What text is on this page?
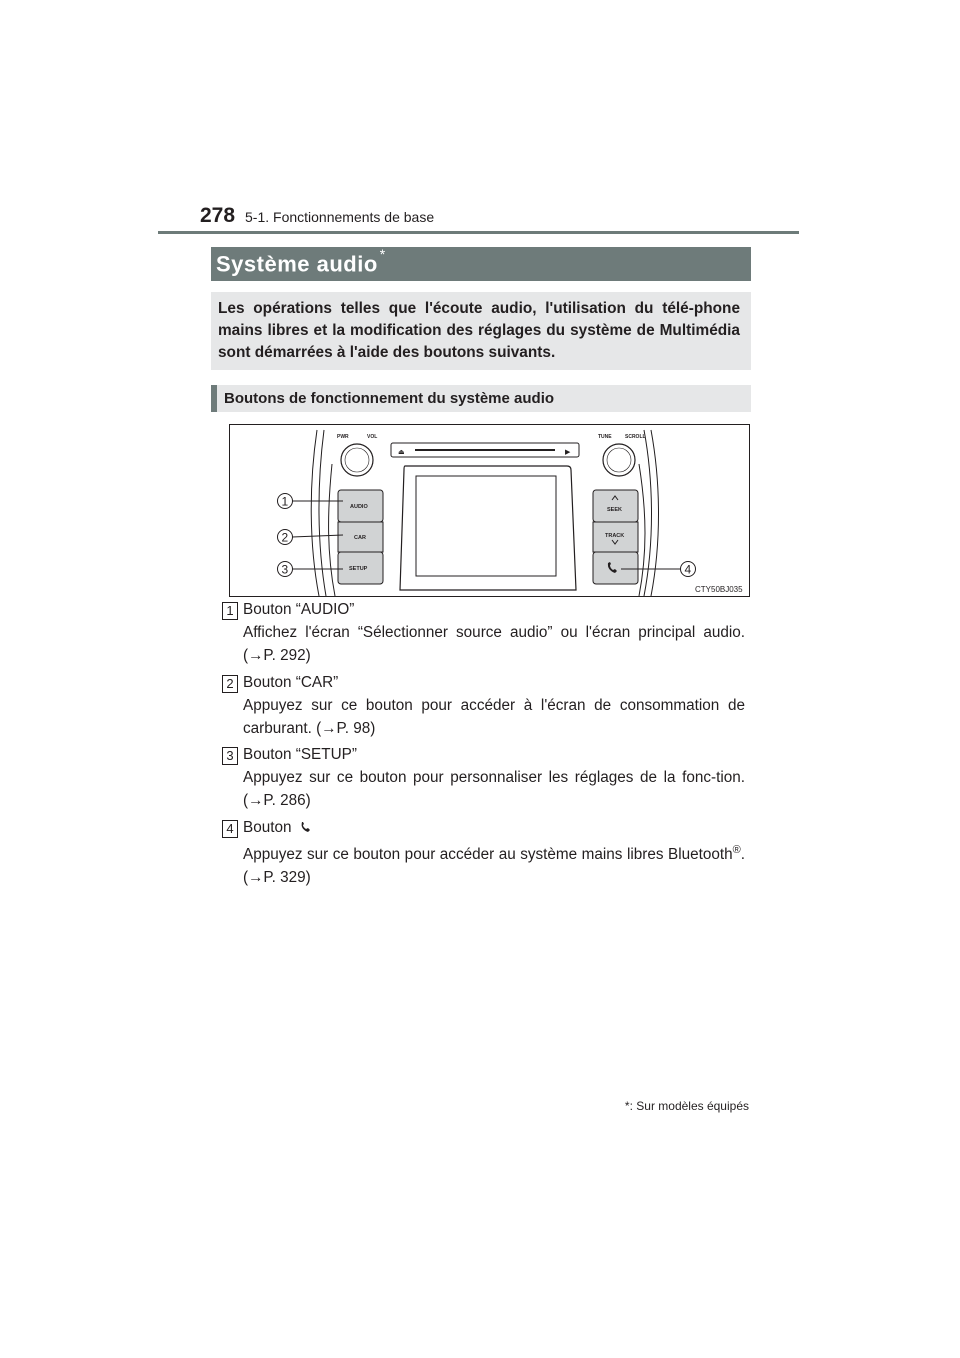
278 5-1. Fonctionnements de base
Système audio *
Les opérations telles que l'écoute audio, l'utilisation du télé-phone mains libres et la modification des réglages du système de Multimédia sont démarrées à l'aide des boutons suivants.
Boutons de fonctionnement du système audio
PWR	VOL	TUNE	SCROLL
⏏	▶
AUDIO
CAR
SETUP
SEEK
TRACK
1
2
3	4
CTY50BJ035
1 Bouton “AUDIO”

Affichez l'écran “Sélectionner source audio” ou l'écran principal audio. (→P. 292)

2 Bouton “CAR”

Appuyez sur ce bouton pour accéder à l'écran de consommation de carburant. (→P. 98)

3 Bouton “SETUP”

Appuyez sur ce bouton pour personnaliser les réglages de la fonc-tion. (→P. 286)

4 Bouton

Appuyez sur ce bouton pour accéder au système mains libres Bluetooth®. (→P. 329)

*: Sur modèles équipés
